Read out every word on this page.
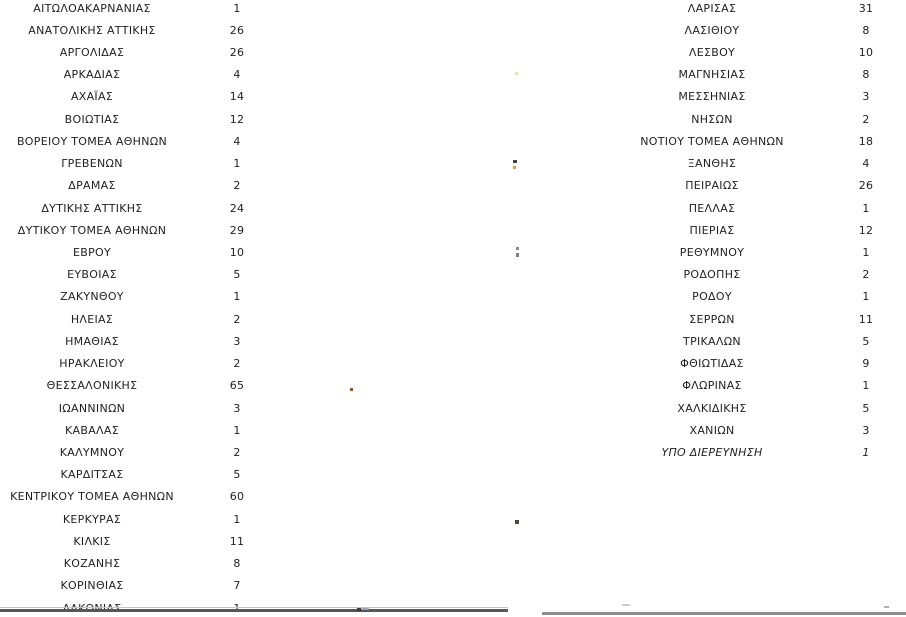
ΑΙΤΩΛΟΑΚΑΡΝΑΝΙΑΣ	1
ΑΝΑΤΟΛΙΚΗΣ ΑΤΤΙΚΗΣ	26
ΑΡΓΟΛΙΔΑΣ	26
ΑΡΚΑΔΙΑΣ	4
ΑΧΑΪΑΣ	14
ΒΟΙΩΤΙΑΣ	12
ΒΟΡΕΙΟΥ ΤΟΜΕΑ ΑΘΗΝΩΝ	4
ΓΡΕΒΕΝΩΝ	1
ΔΡΑΜΑΣ	2
ΔΥΤΙΚΗΣ ΑΤΤΙΚΗΣ	24
ΔΥΤΙΚΟΥ ΤΟΜΕΑ ΑΘΗΝΩΝ	29
ΕΒΡΟΥ	10
ΕΥΒΟΙΑΣ	5
ΖΑΚΥΝΘΟΥ	1
ΗΛΕΙΑΣ	2
ΗΜΑΘΙΑΣ	3
ΗΡΑΚΛΕΙΟΥ	2
ΘΕΣΣΑΛΟΝΙΚΗΣ	65
ΙΩΑΝΝΙΝΩΝ	3
ΚΑΒΑΛΑΣ	1
ΚΑΛΥΜΝΟΥ	2
ΚΑΡΔΙΤΣΑΣ	5
ΚΕΝΤΡΙΚΟΥ ΤΟΜΕΑ ΑΘΗΝΩΝ	60
ΚΕΡΚΥΡΑΣ	1
ΚΙΛΚΙΣ	11
ΚΟΖΑΝΗΣ	8
ΚΟΡΙΝΘΙΑΣ	7
ΛΑΡΙΣΑΣ	31
ΛΑΣΙΘΙΟΥ	8
ΛΕΣΒΟΥ	10
ΜΑΓΝΗΣΙΑΣ	8
ΜΕΣΣΗΝΙΑΣ	3
ΝΗΣΩΝ	2
ΝΟΤΙΟΥ ΤΟΜΕΑ ΑΘΗΝΩΝ	18
ΞΑΝΘΗΣ	4
ΠΕΙΡΑΙΩΣ	26
ΠΕΛΛΑΣ	1
ΠΙΕΡΙΑΣ	12
ΡΕΘΥΜΝΟΥ	1
ΡΟΔΟΠΗΣ	2
ΡΟΔΟΥ	1
ΣΕΡΡΩΝ	11
ΤΡΙΚΑΛΩΝ	5
ΦΘΙΩΤΙΔΑΣ	9
ΦΛΩΡΙΝΑΣ	1
ΧΑΛΚΙΔΙΚΗΣ	5
ΧΑΝΙΩΝ	3
ΥΠΟ ΔΙΕΡΕΥΝΗΣΗ	1
